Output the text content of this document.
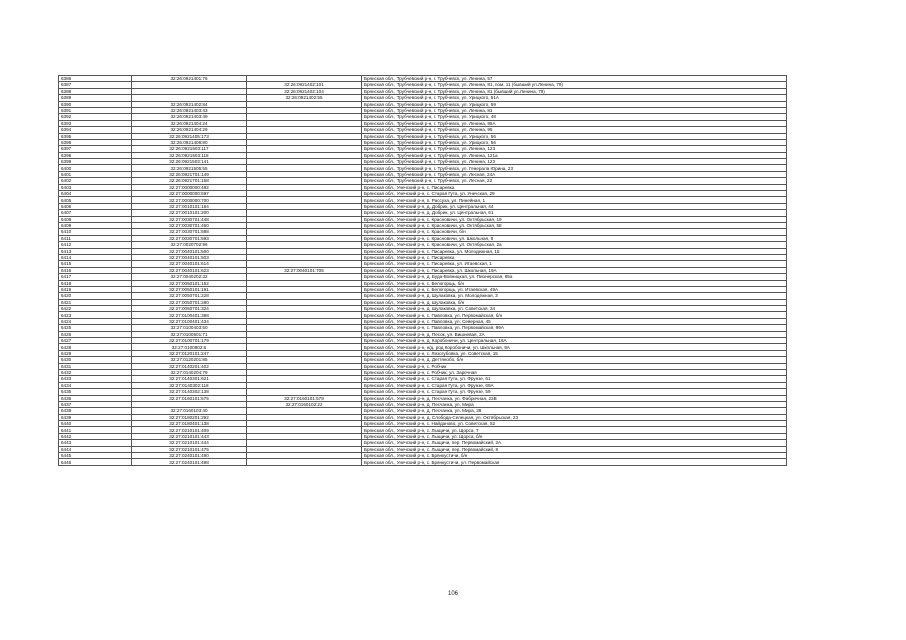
6386	32:26:0921401:76		Брянская обл., Трубчевский р-н, г. Трубчевск, ул. Ленина, 57
6387		32:26:0921402:101	Брянская обл., Трубчевский р-н, г. Трубчевск, ул. Ленина, 81, пом. 11 (бывший ул.Ленина, 79)
6388		32:26:0921402:104	Брянская обл., Трубчевский р-н, г. Трубчевск, ул. Ленина, 81 (бывший ул.Ленина, 79)
6389		32:26:0921402:55	Брянская обл., Трубчевский р-н, г. Трубчевск, ул. Урицкого, 51А
6390	32:26:0921402:84		Брянская обл., Трубчевский р-н, г. Трубчевск, ул. Урицкого, 59
6391	32:26:0921403:43		Брянская обл., Трубчевский р-н, г. Трубчевск, ул. Ленина, 81
6392	32:26:0921403:49		Брянская обл., Трубчевский р-н, г. Трубчевск, ул. Урицкого, 48
6393	32:26:0921404:24		Брянская обл., Трубчевский р-н, г. Трубчевск, ул. Ленина, 95А
6394	32:26:0921404:29		Брянская обл., Трубчевский р-н, г. Трубчевск, ул. Ленина, 95
6395	32:26:0921405:173		Брянская обл., Трубчевский р-н, г. Трубчевск, ул. Урицкого, 56
6396	32:26:0921406:80		Брянская обл., Трубчевский р-н, г. Трубчевск, ул. Урицкого, 56
6397	32:26:0921503:117		Брянская обл., Трубчевский р-н, г. Трубчевск, ул. Ленина, 123
6398	32:26:0921503:118		Брянская обл., Трубчевский р-н, г. Трубчевск, ул. Ленина, 121а
6399	32:26:0921503:141		Брянская обл., Трубчевский р-н, г. Трубчевск, ул. Ленина, 123
6400	32:26:0921505:55		Брянская обл., Трубчевский р-н, г. Трубчевск, ул. Генерала Юрина, 23
6401	32:26:0921701:149		Брянская обл., Трубчевский р-н, г. Трубчевск, ул. Лесная, 24А
6402	32:26:0921701:158		Брянская обл., Трубчевский р-н, г. Трубчевск, ул. Лесная, 22
6403	32:27:0000000:492		Брянская обл., Унечский р-н, с. Писаревка
6404	32:27:0000000:597		Брянская обл., Унечский р-н, с. Старая Гута, ул. Унечская, 29
6405	32:27:0000000:700		Брянская обл., Унечский р-н, п. Рассуха, ул. Пинейная, 1
6406	32:27:0010101:184		Брянская обл., Унечский р-н, д. Добрик, ул. Центральная, 44
6407	32:27:0010101:200		Брянская обл., Унечский р-н, д. Добрик, ул. Центральная, 61
6408	32:27:0030701:448		Брянская обл., Унечский р-н, с. Красновичи, ул. Октябрьская, 19
6409	32:27:0030701:460		Брянская обл., Унечский р-н, с. Красновичи, ул. Октябрьская, 58
6410	32:27:0030701:588		Брянская обл., Унечский р-н, с. Красновичи, б/н
6411	32:27:0030701:593		Брянская обл., Унечский р-н, с. Красновичи, ул. Школьная, 8
6412	32:27:0020702:96		Брянская обл., Унечский р-н, с. Красновичи, ул. Октябрьская, 2а
6413	32:27:0040101:500		Брянская обл., Унечский р-н, с. Писаревка, ул. Молодежная, 15
6414	32:27:0040101:503		Брянская обл., Унечский р-н, с. Писаревка
6415	32:27:0040101:614		Брянская обл., Унечский р-н, с. Писаревка, ул. Итаевская, 1
6416	32:27:0040101:623	32:27:0040101:705	Брянская обл., Унечский р-н, с. Писаревка, ул. Школьная, 19А
6417	32:27:0040202:32		Брянская обл., Унечский р-н, д. Буда-Вовницкая, ул. Пионерская, 65а
6418	32:27:0050101:152		Брянская обл., Унечский р-н, с. Белогорщь, б/н
6419	32:27:0050101:191		Брянская обл., Унечский р-н, с. Белогорщь, ул. Итаевская, 49А
6420	32:27:0050701:228		Брянская обл., Унечский р-н, д. Шулаковка, ул. Молодежная, 3
6421	32:27:0050701:280		Брянская обл., Унечский р-н, д. Шулаковка, б/н
6422	32:27:0050701:324		Брянская обл., Унечский р-н, д. Шулаковка, ул. Советская, 34
6423	32:27:0100401:388		Брянская обл., Унечский р-н, с. Павловка, ул. Первомайская, б/н
6424	32:27:0100401:434		Брянская обл., Унечский р-н, с. Павловка, ул. Северная, 45
6425	32:27:0100403:50		Брянская обл., Унечский р-н, с. Павловка, ул. Первомайская, 99А
6426	32:27:0100501:71		Брянская обл., Унечский р-н, д. Песок, ул. Вишневая, 2А
6427	32:27:0100701:179		Брянская обл., Унечский р-н, д. Коробоничи, ул. Центральная, 16А
6428	32:27:0100802:6		Брянская обл., Унечский р-н, н/д. род Коробоничи, ул. Школьная, 9А
6429	32:27:0120101:247		Брянская обл., Унечский р-н, с. Лизогубовка, ул. Советская, 15
6430	32:27:0120201:85		Брянская обл., Унечский р-н, д. Дегтянобо, б/н
6431	32:27:0140201:402		Брянская обл., Унечский р-н, с. Робчик
6432	32:27:0140204:79		Брянская обл., Унечский р-н, с. Робчик, ул. Заречная
6433	32:27:0140301:621		Брянская обл., Унечский р-н, с. Старая Гута, ул. Фрунзе, 61
6434	32:27:0140302:118		Брянская обл., Унечский р-н, с. Старая Гута, ул. Фрунзе, 69А
6435	32:27:0140302:138		Брянская обл., Унечский р-н, с. Старая Гута, ул. Фрунзе, 59
6436	32:27:0160101:575	32:27:0160101:579	Брянская обл., Унечский р-н, д. Песчанка, ул. Фабричная, 23В
6437		32:27:0160102:22	Брянская обл., Унечский р-н, д. Песчанка, ул. Мира
6438	32:27:0160103:40		Брянская обл., Унечский р-н, д. Песчанка, ул. Мира, 38
6439	32:27:0180201:292		Брянская обл., Унечский р-н, д. Слобода-Селецкая, ул. Октябрьская, 23
6440	32:27:0180401:138		Брянская обл., Унечский р-н, с. Найданово, ул. Советская, 52
6441	32:27:0210101:409		Брянская обл., Унечский р-н, с. Лыщичи, ул. Щорса, 7
6442	32:27:0210101:443		Брянская обл., Унечский р-н, с. Лыщичи, ул. Щорса, б/н
6443	32:27:0210101:444		Брянская обл., Унечский р-н, с. Лыщичи, пер. Первомайский, 2А
6444	32:27:0210101:475		Брянская обл., Унечский р-н, с. Лыщичи, пер. Первомайский, 8
6445	32:27:0240101:490		Брянская обл., Унечский р-н, с. Брянкустичи, б/н
6446	32:27:0240101:498		Брянская обл., Унечский р-н, с. Брянкустичи, ул. Первомайская
106
